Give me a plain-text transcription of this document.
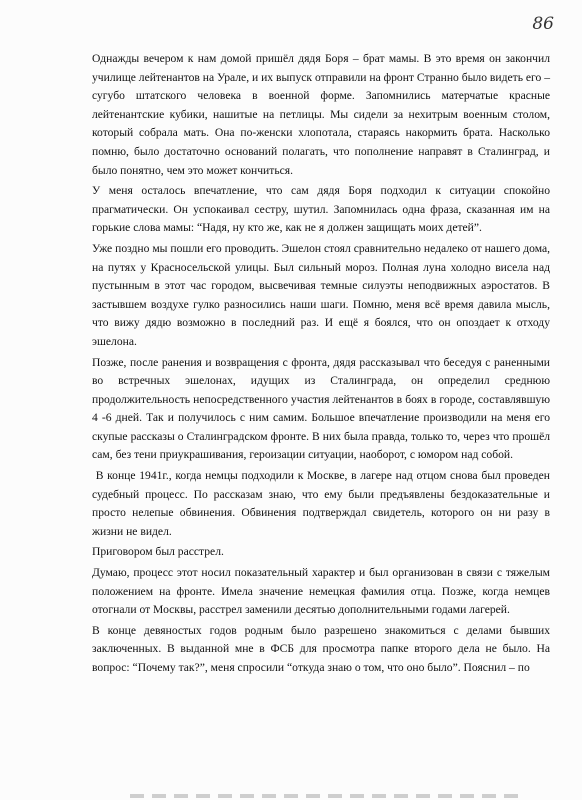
86

Однажды вечером к нам домой пришёл дядя Боря – брат мамы. В это время он закончил училище лейтенантов на Урале, и их выпуск отправили на фронт Странно было видеть его – сугубо штатского человека в военной форме. Запомнились матерчатые красные лейтенантские кубики, нашитые на петлицы. Мы сидели за нехитрым военным столом, который собрала мать. Она по-женски хлопотала, стараясь накормить брата. Насколько помню, было достаточно оснований полагать, что пополнение направят в Сталинград, и было понятно, чем это может кончиться.

У меня осталось впечатление, что сам дядя Боря подходил к ситуации спокойно прагматически. Он успокаивал сестру, шутил. Запомнилась одна фраза, сказанная им на горькие слова мамы: “Надя, ну кто же, как не я должен защищать моих детей”.

Уже поздно мы пошли его проводить. Эшелон стоял сравнительно недалеко от нашего дома, на путях у Красносельской улицы. Был сильный мороз. Полная луна холодно висела над пустынным в этот час городом, высвечивая темные силуэты неподвижных аэростатов. В застывшем воздухе гулко разносились наши шаги. Помню, меня всё время давила мысль, что вижу дядю возможно в последний раз. И ещё я боялся, что он опоздает к отходу эшелона.

Позже, после ранения и возвращения с фронта, дядя рассказывал что беседуя с раненными во встречных эшелонах, идущих из Сталинграда, он определил среднюю продолжительность непосредственного участия лейтенантов в боях в городе, составлявшую 4 -6 дней. Так и получилось с ним самим. Большое впечатление производили на меня его скупые рассказы о Сталинградском фронте. В них была правда, только то, через что прошёл сам, без тени приукрашивания, героизации ситуации, наоборот, с юмором над собой.

В конце 1941г., когда немцы подходили к Москве, в лагере над отцом снова был проведен судебный процесс. По рассказам знаю, что ему были предъявлены бездоказательные и просто нелепые обвинения. Обвинения подтверждал свидетель, которого он ни разу в жизни не видел.

Приговором был расстрел.

Думаю, процесс этот носил показательный характер и был организован в связи с тяжелым положением на фронте. Имела значение немецкая фамилия отца. Позже, когда немцев отогнали от Москвы, расстрел заменили десятью дополнительными годами лагерей.

В конце девяностых годов родным было разрешено знакомиться с делами бывших заключенных. В выданной мне в ФСБ для просмотра папке второго дела не было. На вопрос: “Почему так?”, меня спросили “откуда знаю о том, что оно было”. Пояснил – по
